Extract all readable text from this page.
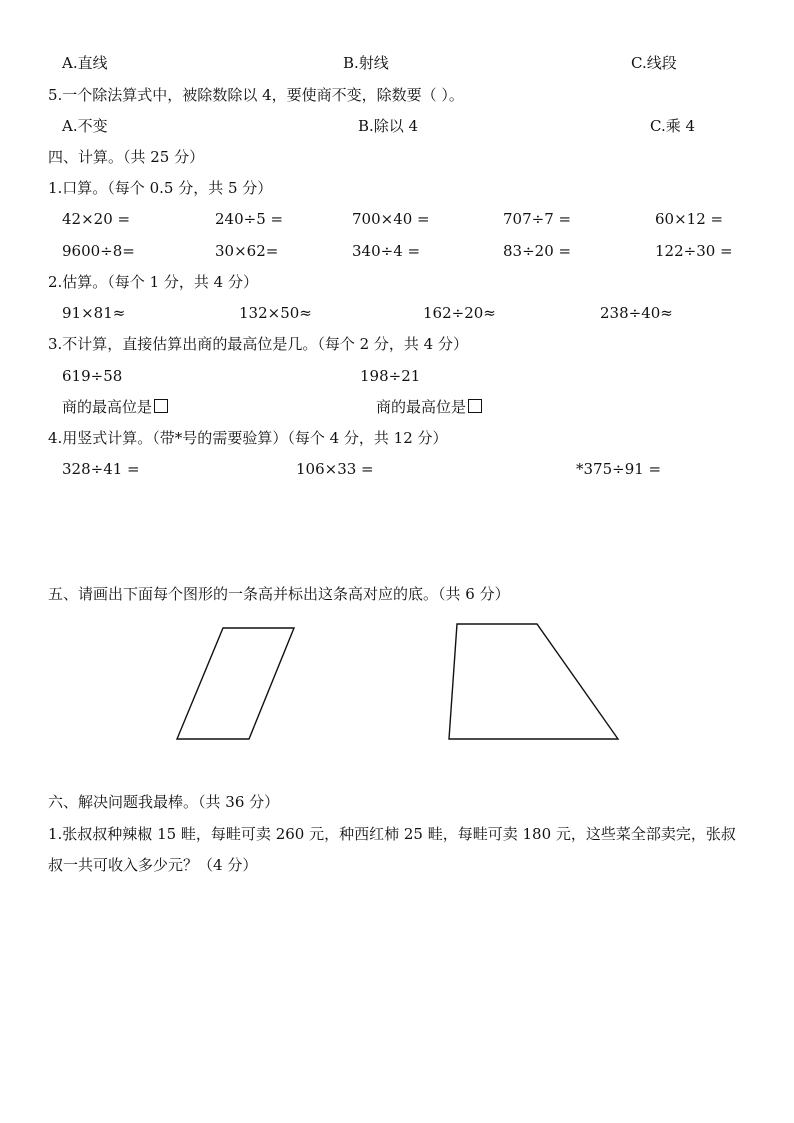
A.直线	B.射线	C.线段
5.一个除法算式中，被除数除以 4，要使商不变，除数要（ ）。
A.不变	B.除以 4	C.乘 4
四、计算。（共 25 分）
1.口算。（每个 0.5 分，共 5 分）
42×20 =	240÷5 =	700×40 =	707÷7 =	60×12 =
9600÷8=	30×62=	340÷4 =	83÷20 =	122÷30 =
2.估算。（每个 1 分，共 4 分）
91×81≈	132×50≈	162÷20≈	238÷40≈
3.不计算，直接估算出商的最高位是几。（每个 2 分，共 4 分）
619÷58	198÷21
商的最高位是	商的最高位是
4.用竖式计算。（带*号的需要验算）（每个 4 分，共 12 分）
328÷41 =	106×33 =	*375÷91 =
五、请画出下面每个图形的一条高并标出这条高对应的底。（共 6 分）
六、解决问题我最棒。（共 36 分）
1.张叔叔种辣椒 15 畦，每畦可卖 260 元，种西红柿 25 畦，每畦可卖 180 元，这些菜全部卖完，张叔
叔一共可收入多少元？（4 分）
